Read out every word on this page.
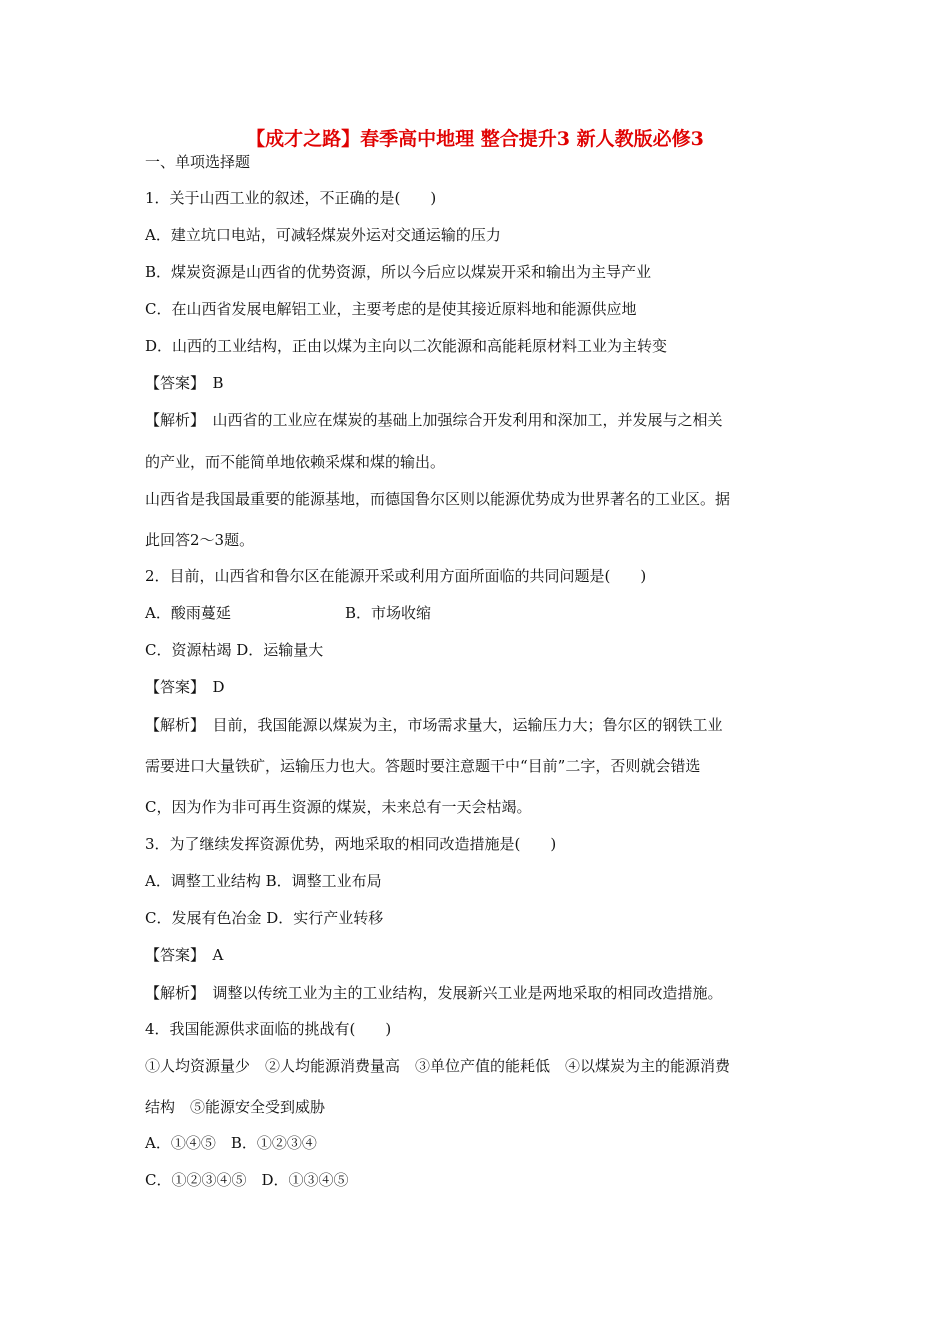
【成才之路】春季高中地理 整合提升3 新人教版必修3
一、单项选择题
1．关于山西工业的叙述，不正确的是(　　)
A．建立坑口电站，可减轻煤炭外运对交通运输的压力
B．煤炭资源是山西省的优势资源，所以今后应以煤炭开采和输出为主导产业
C．在山西省发展电解铝工业，主要考虑的是使其接近原料地和能源供应地
D．山西的工业结构，正由以煤为主向以二次能源和高能耗原材料工业为主转变
【答案】　B
【解析】　山西省的工业应在煤炭的基础上加强综合开发利用和深加工，并发展与之相关
的产业，而不能简单地依赖采煤和煤的输出。
山西省是我国最重要的能源基地，而德国鲁尔区则以能源优势成为世界著名的工业区。据
此回答2～3题。
2．目前，山西省和鲁尔区在能源开采或利用方面所面临的共同问题是(　　)
A．酸雨蔓延	B．市场收缩
C．资源枯竭 D．运输量大
【答案】　D
【解析】　目前，我国能源以煤炭为主，市场需求量大，运输压力大；鲁尔区的钢铁工业
需要进口大量铁矿，运输压力也大。答题时要注意题干中“目前”二字，否则就会错选
C，因为作为非可再生资源的煤炭，未来总有一天会枯竭。
3．为了继续发挥资源优势，两地采取的相同改造措施是(　　)
A．调整工业结构 B．调整工业布局
C．发展有色冶金 D．实行产业转移
【答案】　A
【解析】　调整以传统工业为主的工业结构，发展新兴工业是两地采取的相同改造措施。
4．我国能源供求面临的挑战有(　　)
①人均资源量少　②人均能源消费量高　③单位产值的能耗低　④以煤炭为主的能源消费
结构　⑤能源安全受到威胁
A．①④⑤　B．①②③④
C．①②③④⑤　D．①③④⑤
